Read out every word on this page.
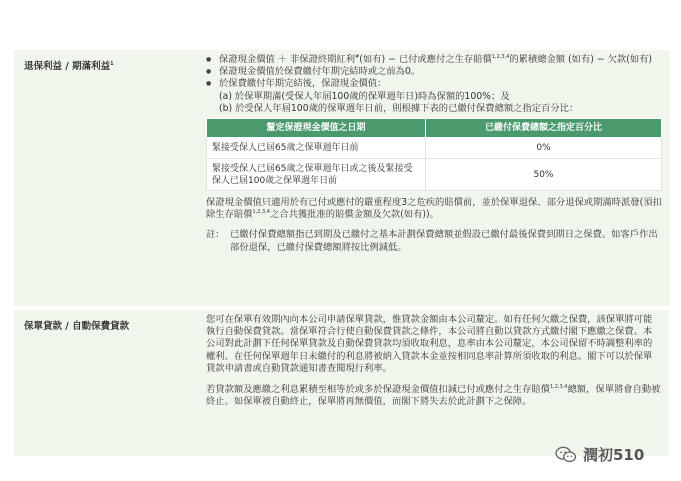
退保利益 / 期滿利益$^1$	● 保證現金價值 ＋ 非保證終期紅利#(如有) − 已付或應付之生存賠償$^{1,2,3,4}$的累積總金額 (如有) − 欠款(如有)
● 保證現金價值於保費繳付年期完結時或之前為0。
● 於保費繳付年期完結後，保證現金價值：
(a) 於保單期滿(受保人年屆100歲的保單週年日)時為保額的100%；及
(b) 於受保人年屆100歲的保單週年日前，則根據下表的已繳付保費總額之指定百分比：
釐定保證現金價值之日期	已繳付保費總額之指定百分比
緊接受保人已屆65歲之保單週年日前	0%
緊接受保人已屆65歲之保單週年日或之後及緊接受保人已屆100歲之保單週年日前	50%
保證現金價值只適用於有已付或應付的嚴重程度3之危疾的賠償前，並於保單退保、部分退保或期滿時派發(須扣除生存賠償$^{1,2,3,4}$之合共獲批准的賠償金額及欠款(如有))。
註： 已繳付保費總額指已到期及已繳付之基本計劃保費總額並假設已繳付最後保費到期日之保費。如客戶作出部份退保，已繳付保費總額將按比例減低。
保單貸款 / 自動保費貸款
您可在保單有效期內向本公司申請保單貸款，惟貸款金額由本公司釐定。如有任何欠繳之保費，該保單將可能執行自動保費貸款。當保單符合行使自動保費貸款之條件，本公司將自動以貸款方式繳付閣下應繳之保費。本公司對此計劃下任何保單貸款及自動保費貸款均須收取利息，息率由本公司釐定，本公司保留不時調整利率的權利。在任何保單週年日未繳付的利息將被納入貸款本金並按相同息率計算所須收取的利息。閣下可以於保單貸款申請書或自動貸款通知書查閱現行利率。
若貸款額及應繳之利息累積至相等於或多於保證現金價值扣減已付或應付之生存賠償$^{1,2,3,4}$總額，保單將會自動被終止。如保單被自動終止，保單將再無價值，而閣下將失去於此計劃下之保障。
潤初510
